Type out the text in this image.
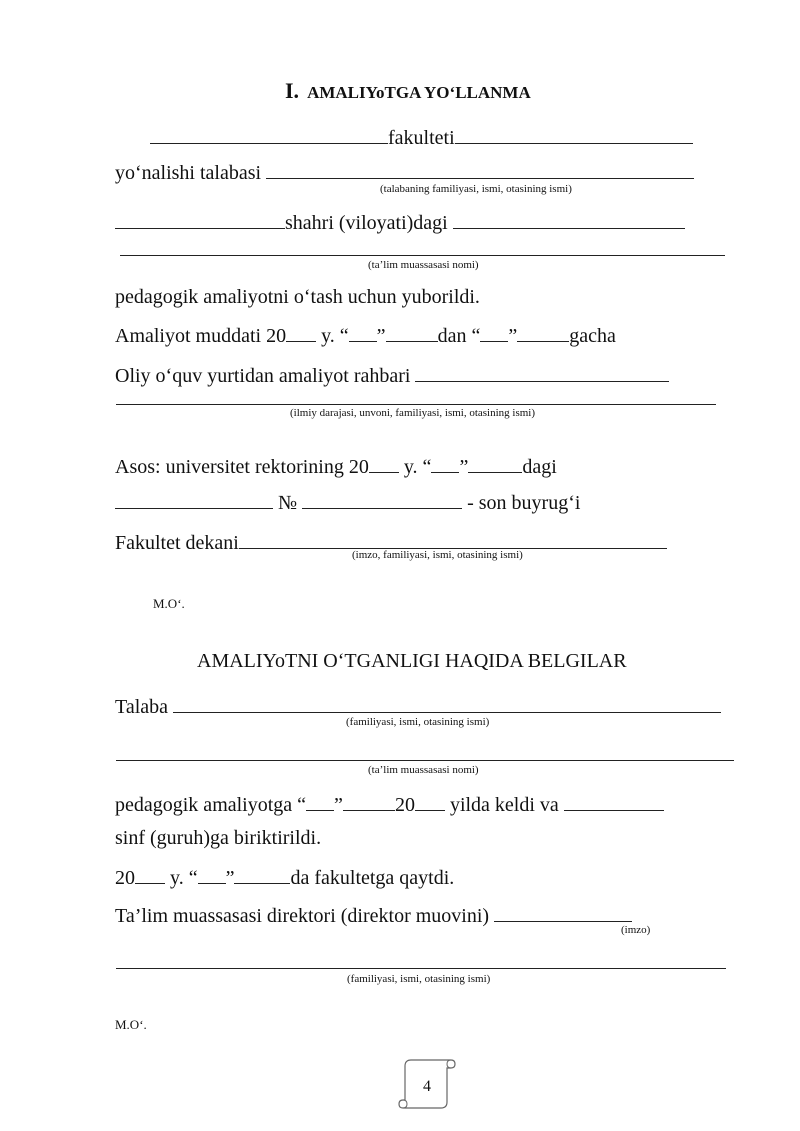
I. AMALIYoTGA YO‘LLANMA
fakulteti
yo‘nalishi talabasi
(talabaning familiyasi, ismi, otasining ismi)
shahri (viloyati)dagi
(ta’lim muassasasi nomi)
pedagogik amaliyotni o‘tash uchun yuborildi.
Amaliyot muddati 20 y. “ ”	dan “ ”	gacha
Oliy o‘quv yurtidan amaliyot rahbari
(ilmiy darajasi, unvoni, familiyasi, ismi, otasining ismi)
Asos: universitet rektorining 20 y. “ ”	dagi
№	- son buyrug‘i
Fakultet dekani
(imzo, familiyasi, ismi, otasining ismi)
M.O‘.
AMALIYoTNI O‘TGANLIGI HAQIDA BELGILAR
Talaba
(familiyasi, ismi, otasining ismi)
(ta’lim muassasasi nomi)
pedagogik amaliyotga “ ”	20 yilda keldi va
sinf (guruh)ga biriktirildi.
20 y. “ ”	da fakultetga qaytdi.
Ta’lim muassasasi direktori (direktor muovini)
(imzo)
(familiyasi, ismi, otasining ismi)
M.O‘.
4
